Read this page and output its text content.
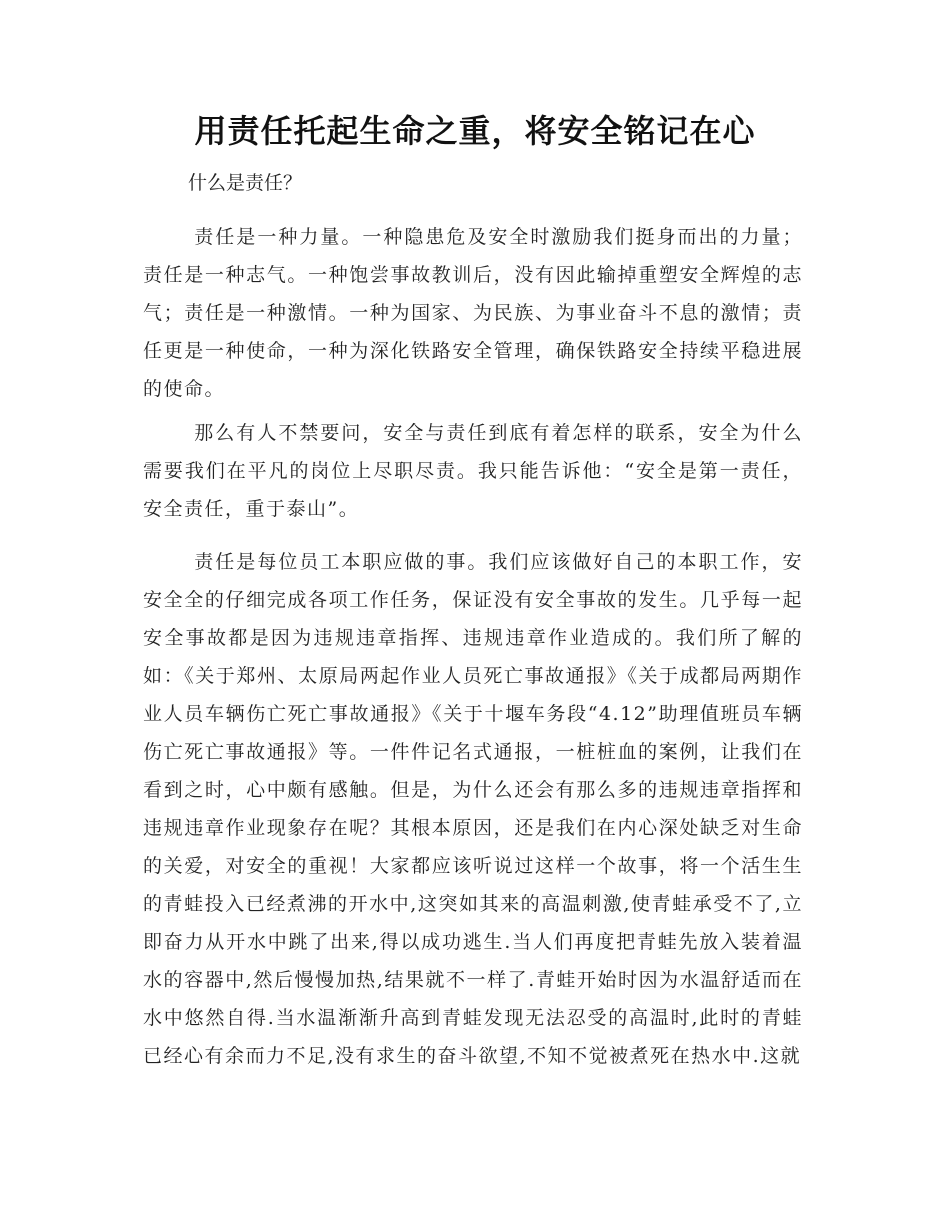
用责任托起生命之重，将安全铭记在心

什么是责任？

责任是一种力量。一种隐患危及安全时激励我们挺身而出的力量；责任是一种志气。一种饱尝事故教训后，没有因此输掉重塑安全辉煌的志气；责任是一种激情。一种为国家、为民族、为事业奋斗不息的激情；责任更是一种使命，一种为深化铁路安全管理，确保铁路安全持续平稳进展的使命。

那么有人不禁要问，安全与责任到底有着怎样的联系，安全为什么需要我们在平凡的岗位上尽职尽责。我只能告诉他：“安全是第一责任，安全责任，重于泰山”。

责任是每位员工本职应做的事。我们应该做好自己的本职工作，安安全全的仔细完成各项工作任务，保证没有安全事故的发生。几乎每一起安全事故都是因为违规违章指挥、违规违章作业造成的。我们所了解的如：《关于郑州、太原局两起作业人员死亡事故通报》《关于成都局两期作业人员车辆伤亡死亡事故通报》《关于十堰车务段“4.12”助理值班员车辆伤亡死亡事故通报》等。一件件记名式通报，一桩桩血的案例，让我们在看到之时，心中颇有感触。但是，为什么还会有那么多的违规违章指挥和违规违章作业现象存在呢？其根本原因，还是我们在内心深处缺乏对生命的关爱，对安全的重视！大家都应该听说过这样一个故事，将一个活生生的青蛙投入已经煮沸的开水中,这突如其来的高温刺激,使青蛙承受不了,立即奋力从开水中跳了出来,得以成功逃生.当人们再度把青蛙先放入装着温水的容器中,然后慢慢加热,结果就不一样了.青蛙开始时因为水温舒适而在水中悠然自得.当水温渐渐升高到青蛙发现无法忍受的高温时,此时的青蛙已经心有余而力不足,没有求生的奋斗欲望,不知不觉被煮死在热水中.这就
